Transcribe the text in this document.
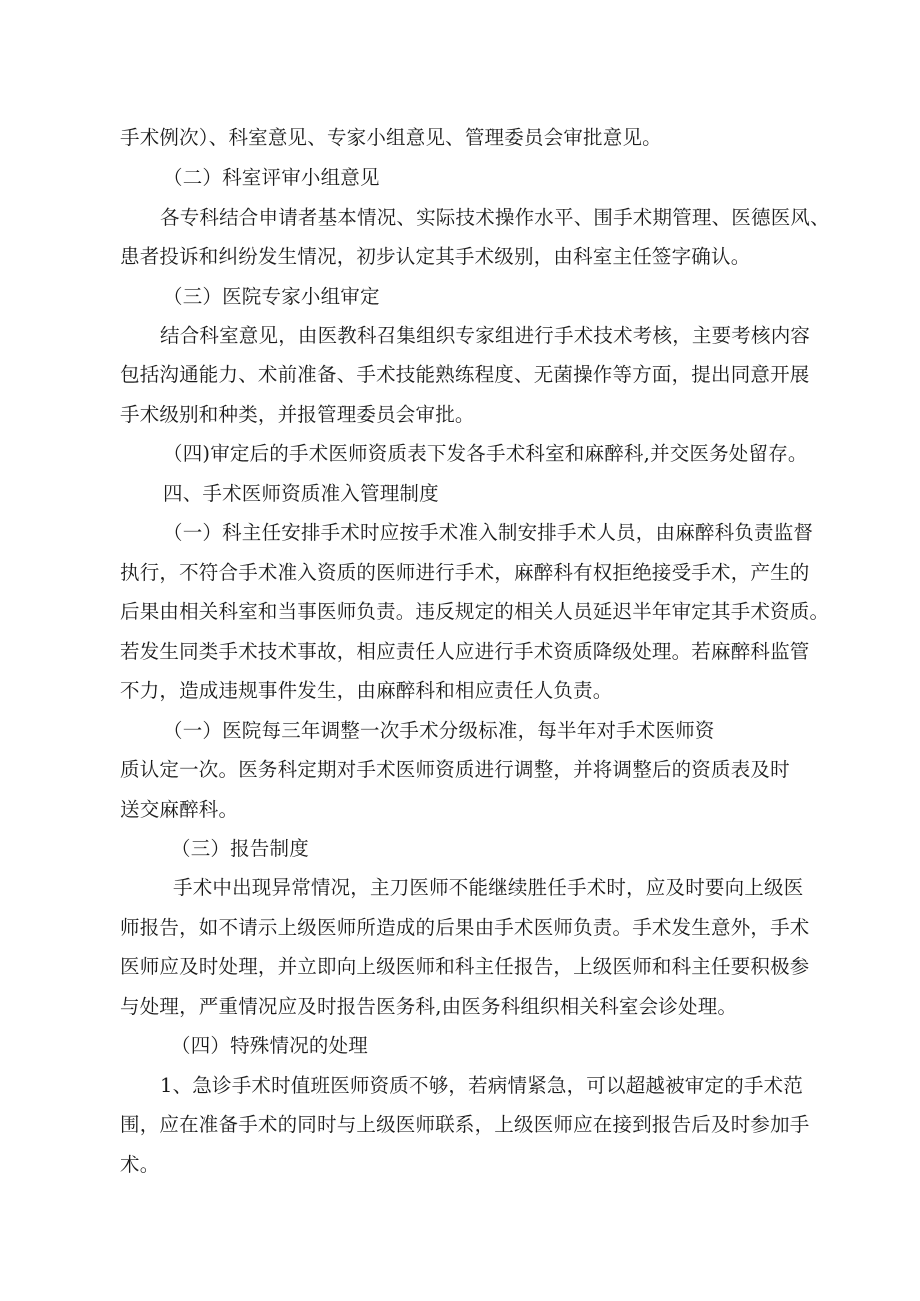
手术例次）、科室意见、专家小组意见、管理委员会审批意见。
（二）科室评审小组意见
各专科结合申请者基本情况、实际技术操作水平、围手术期管理、医德医风、
患者投诉和纠纷发生情况，初步认定其手术级别，由科室主任签字确认。
（三）医院专家小组审定
结合科室意见，由医教科召集组织专家组进行手术技术考核，主要考核内容
包括沟通能力、术前准备、手术技能熟练程度、无菌操作等方面，提出同意开展
手术级别和种类，并报管理委员会审批。
（四)审定后的手术医师资质表下发各手术科室和麻醉科,并交医务处留存。
四、手术医师资质准入管理制度
（一）科主任安排手术时应按手术准入制安排手术人员，由麻醉科负责监督
执行，不符合手术准入资质的医师进行手术，麻醉科有权拒绝接受手术，产生的
后果由相关科室和当事医师负责。违反规定的相关人员延迟半年审定其手术资质。
若发生同类手术技术事故，相应责任人应进行手术资质降级处理。若麻醉科监管
不力，造成违规事件发生，由麻醉科和相应责任人负责。
（一）医院每三年调整一次手术分级标准，每半年对手术医师资
质认定一次。医务科定期对手术医师资质进行调整，并将调整后的资质表及时
送交麻醉科。
（三）报告制度
手术中出现异常情况，主刀医师不能继续胜任手术时，应及时要向上级医
师报告，如不请示上级医师所造成的后果由手术医师负责。手术发生意外，手术
医师应及时处理，并立即向上级医师和科主任报告，上级医师和科主任要积极参
与处理，严重情况应及时报告医务科,由医务科组织相关科室会诊处理。
（四）特殊情况的处理
1、急诊手术时值班医师资质不够，若病情紧急，可以超越被审定的手术范
围，应在准备手术的同时与上级医师联系，上级医师应在接到报告后及时参加手
术。
